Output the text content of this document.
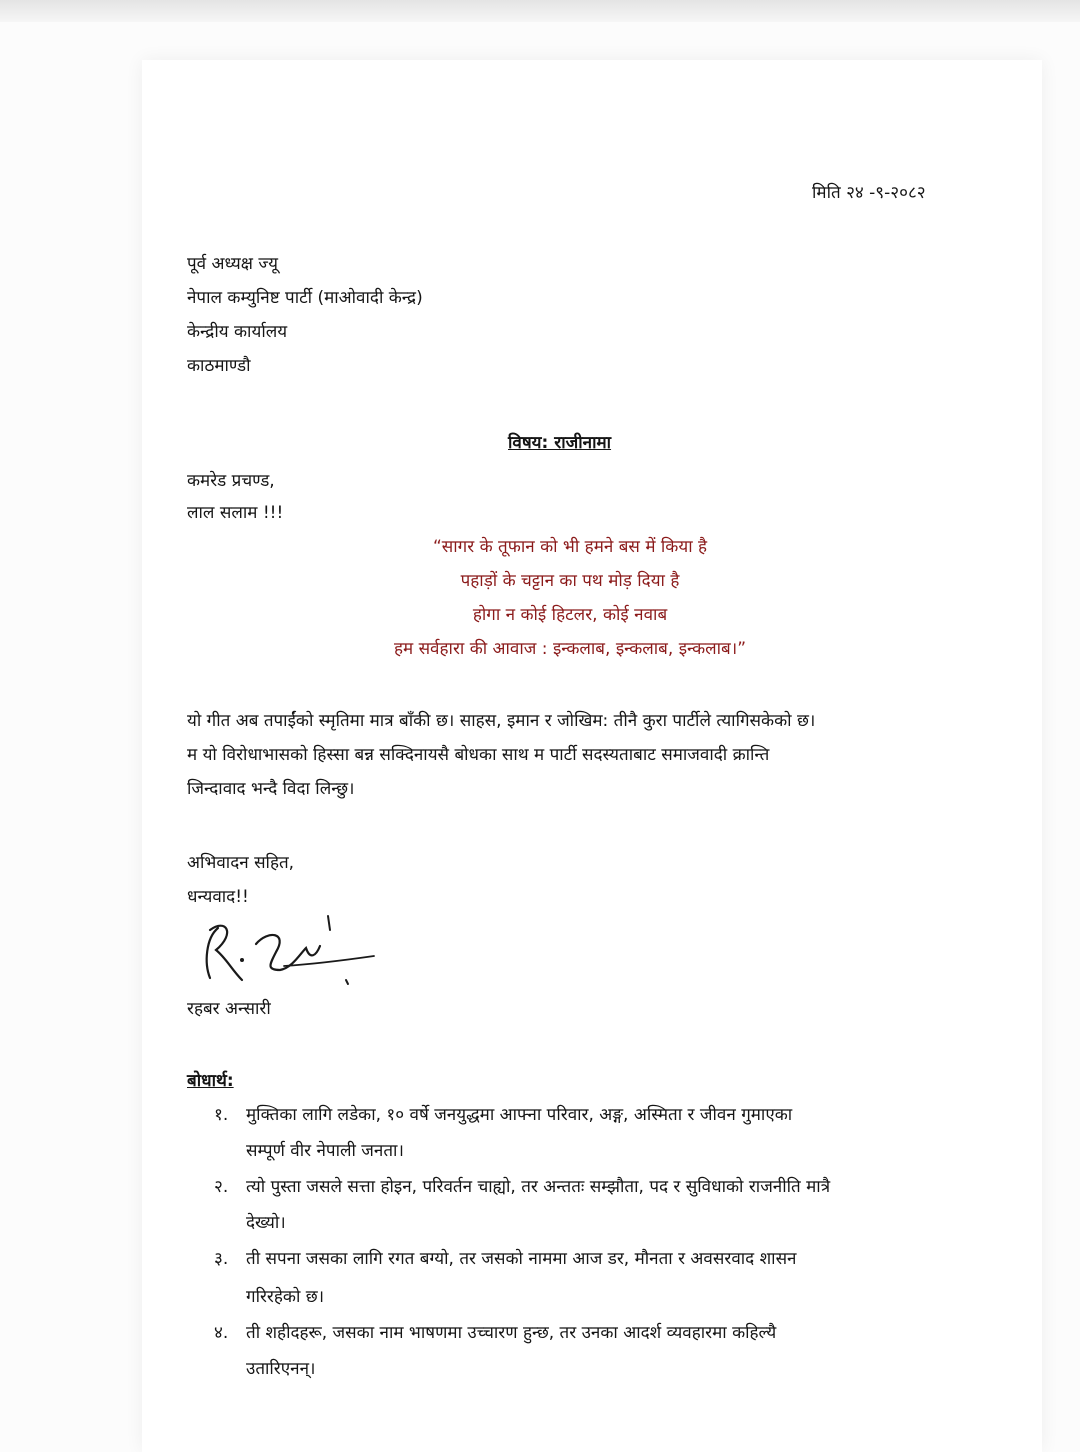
मिति २४ -९-२०८२
पूर्व अध्यक्ष ज्यू
नेपाल कम्युनिष्ट पार्टी (माओवादी केन्द्र)
केन्द्रीय कार्यालय
काठमाण्डौ
विषय: राजीनामा
कमरेड प्रचण्ड,
लाल सलाम !!!
“सागर के तूफान को भी हमने बस में किया है
पहाड़ों के चट्टान का पथ मोड़ दिया है
होगा न कोई हिटलर, कोई नवाब
हम सर्वहारा की आवाज : इन्कलाब, इन्कलाब, इन्कलाब।”
यो गीत अब तपाईंको स्मृतिमा मात्र बाँकी छ। साहस, इमान र जोखिम: तीनै कुरा पार्टीले त्यागिसकेको छ।
म यो विरोधाभासको हिस्सा बन्न सक्दिनायसै बोधका साथ म पार्टी सदस्यताबाट समाजवादी क्रान्ति
जिन्दावाद भन्दै विदा लिन्छु।
अभिवादन सहित,
धन्यवाद!!
रहबर अन्सारी
बोधार्थ:
१. मुक्तिका लागि लडेका, १० वर्षे जनयुद्धमा आफ्ना परिवार, अङ्ग, अस्मिता र जीवन गुमाएका
सम्पूर्ण वीर नेपाली जनता।
२. त्यो पुस्ता जसले सत्ता होइन, परिवर्तन चाह्यो, तर अन्ततः सम्झौता, पद र सुविधाको राजनीति मात्रै
देख्यो।
३. ती सपना जसका लागि रगत बग्यो, तर जसको नाममा आज डर, मौनता र अवसरवाद शासन
गरिरहेको छ।
४. ती शहीदहरू, जसका नाम भाषणमा उच्चारण हुन्छ, तर उनका आदर्श व्यवहारमा कहिल्यै
उतारिएनन्।
